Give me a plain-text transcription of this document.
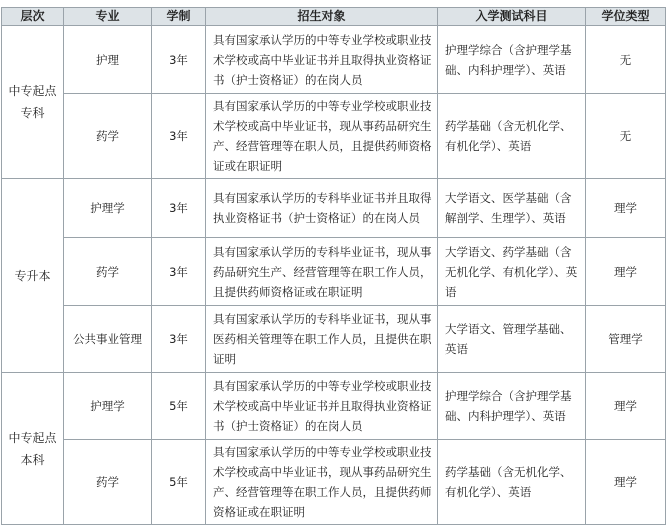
层次	专业	学制	招生对象	入学测试科目	学位类型
中专起点专科	护理	3年	具有国家承认学历的中等专业学校或职业技术学校或高中毕业证书并且取得执业资格证书（护士资格证）的在岗人员	护理学综合（含护理学基础、内科护理学）、英语	无
	药学	3年	具有国家承认学历的中等专业学校或职业技术学校或高中毕业证书，现从事药品研究生产、经营管理等在职人员，且提供药师资格证或在职证明	药学基础（含无机化学、有机化学）、英语	无
专升本	护理学	3年	具有国家承认学历的专科毕业证书并且取得执业资格证书（护士资格证）的在岗人员	大学语文、医学基础（含解剖学、生理学）、英语	理学
	药学	3年	具有国家承认学历的专科毕业证书，现从事药品研究生产、经营管理等在职工作人员，且提供药师资格证或在职证明	大学语文、药学基础（含无机化学、有机化学）、英语	理学
	公共事业管理	3年	具有国家承认学历的专科毕业证书，现从事医药相关管理等在职工作人员，且提供在职证明	大学语文、管理学基础、英语	管理学
中专起点本科	护理学	5年	具有国家承认学历的中等专业学校或职业技术学校或高中毕业证书并且取得执业资格证书（护士资格证）的在岗人员	护理学综合（含护理学基础、内科护理学）、英语	理学
	药学	5年	具有国家承认学历的中等专业学校或职业技术学校或高中毕业证书，现从事药品研究生产、经营管理等在职工作人员，且提供药师资格证或在职证明	药学基础（含无机化学、有机化学）、英语	理学
